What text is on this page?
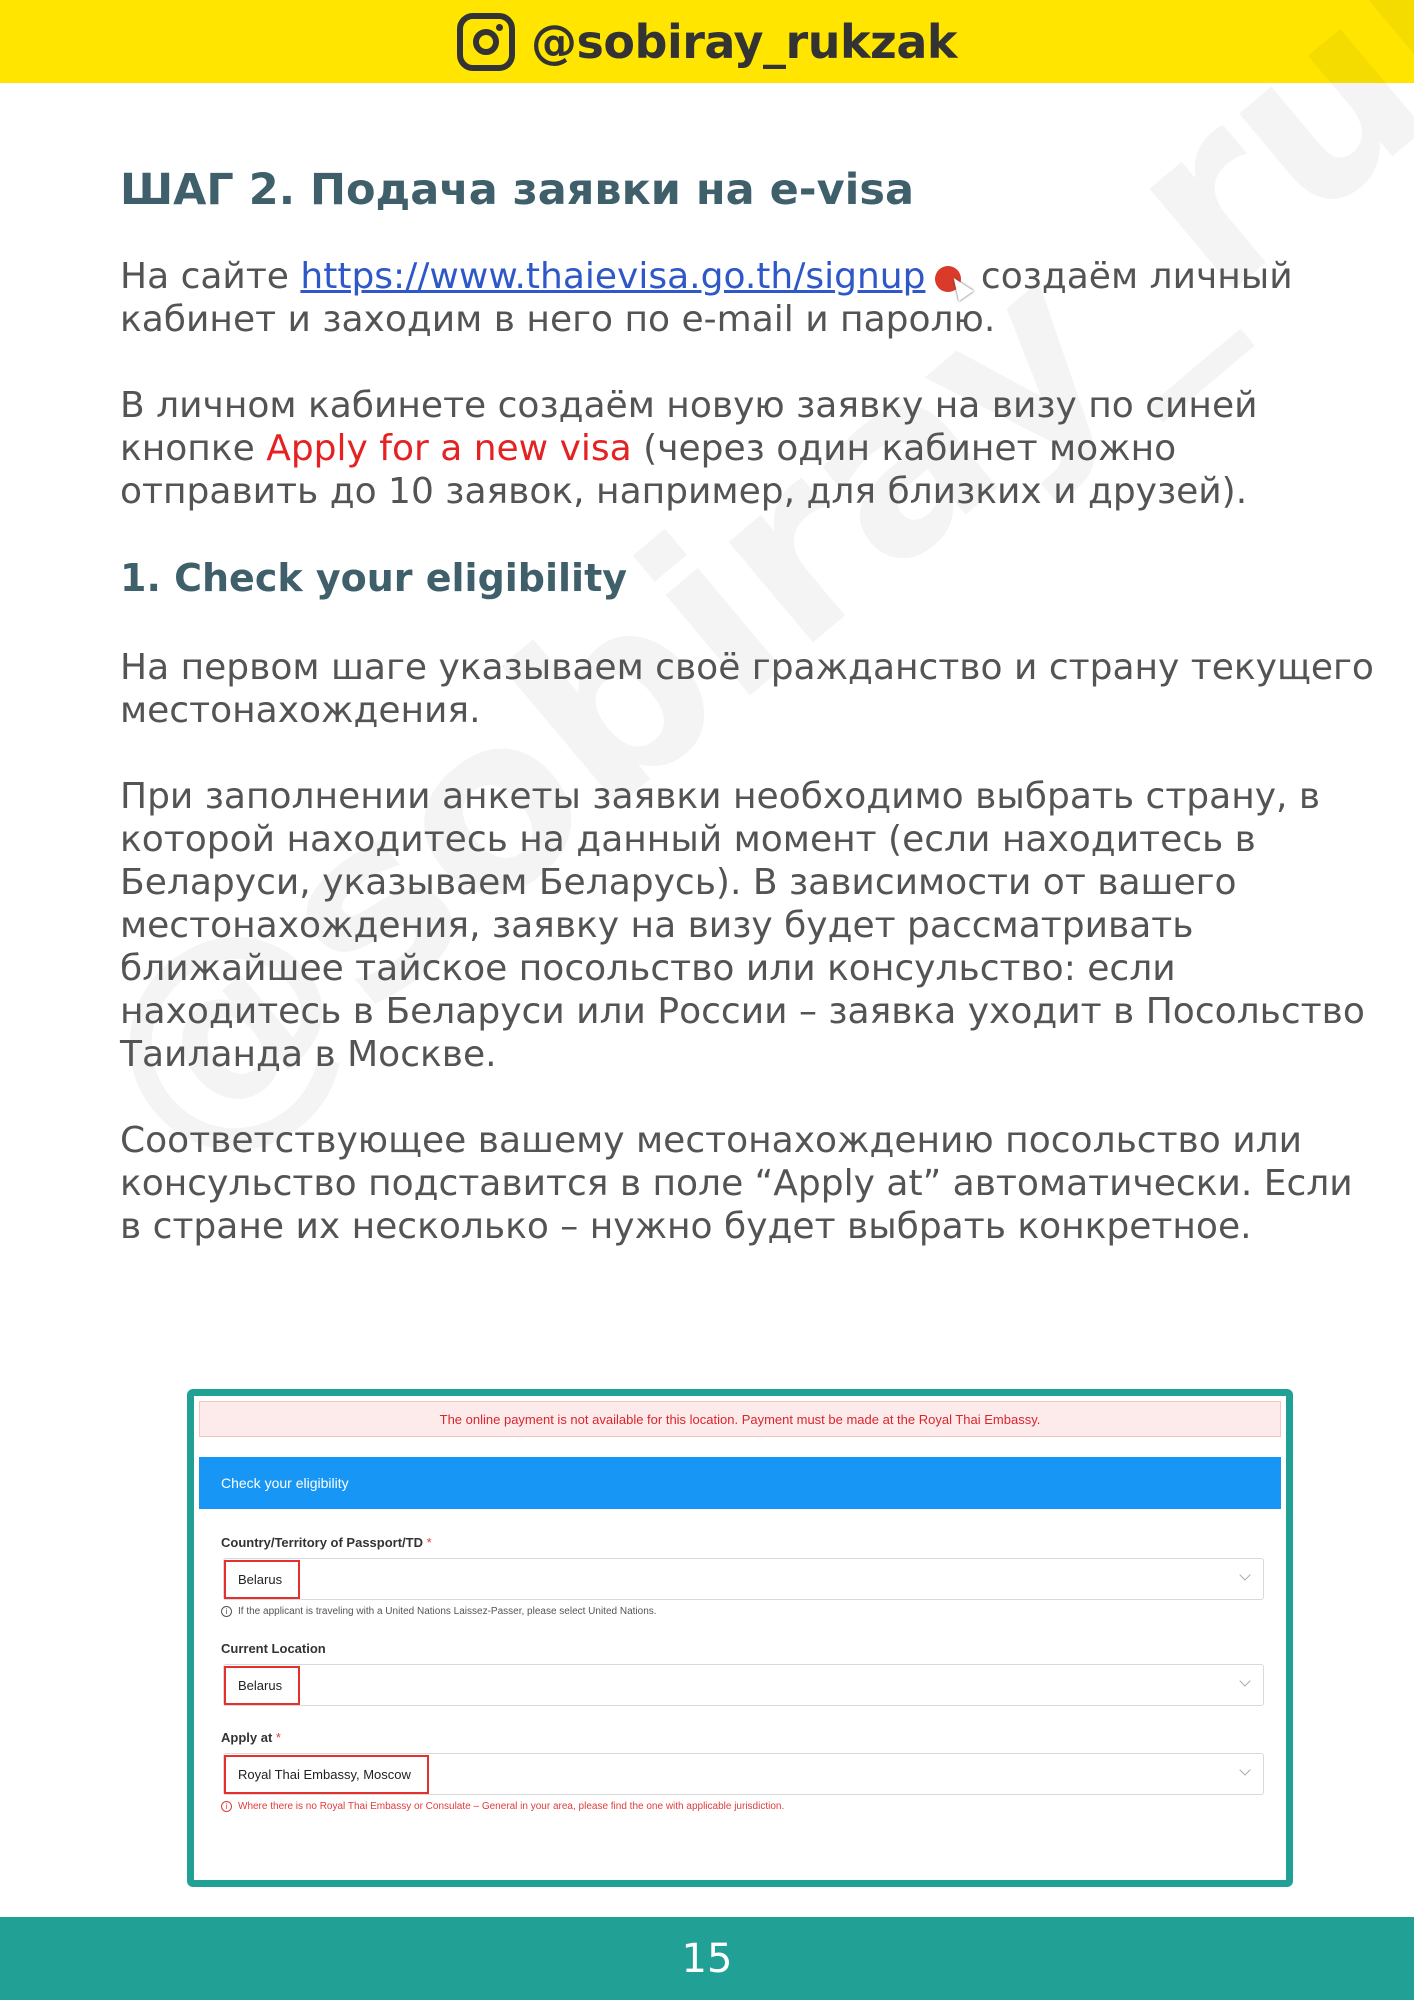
@sobiray_rukzak
ШАГ 2. Подача заявки на e-visa

На сайте https://www.thaievisa.go.th/signup
создаём личный кабинет и заходим в него по e-mail и паролю.

В личном кабинете создаём новую заявку на визу по синей кнопке Apply for a new visa (через один кабинет можно отправить до 10 заявок, например, для близких и друзей).

1. Check your eligibility

На первом шаге указываем своё гражданство и страну текущего местонахождения.

При заполнении анкеты заявки необходимо выбрать страну, в которой находитесь на данный момент (если находитесь в Беларуси, указываем Беларусь). В зависимости от вашего местонахождения, заявку на визу будет рассматривать ближайшее тайское посольство или консульство: если находитесь в Беларуси или России – заявка уходит в Посольство Таиланда в Москве.

Соответствующее вашему местонахождению посольство или консульство подставится в поле “Apply at” автоматически. Если в стране их несколько – нужно будет выбрать конкретное.

The online payment is not available for this location. Payment must be made at the Royal Thai Embassy.
Check your eligibility
Country/Territory of Passport/TD *
Belarus
i	If the applicant is traveling with a United Nations Laissez-Passer, please select United Nations.
Current Location
Belarus
Apply at *
Royal Thai Embassy, Moscow
i	Where there is no Royal Thai Embassy or Consulate – General in your area, please find the one with applicable jurisdiction.
15
